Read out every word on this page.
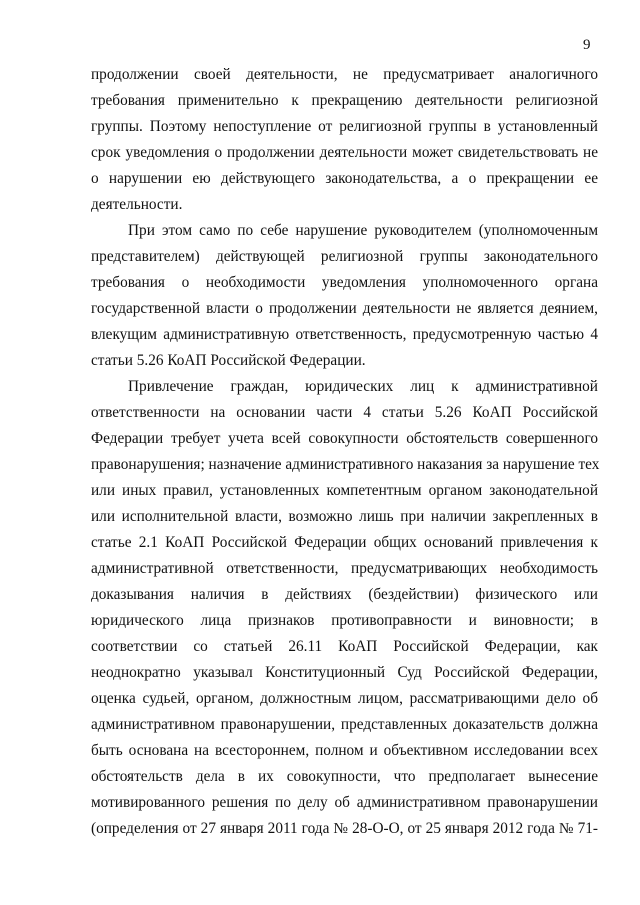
9
продолжении своей деятельности, не предусматривает аналогичного
требования применительно к прекращению деятельности религиозной
группы. Поэтому непоступление от религиозной группы в установленный
срок уведомления о продолжении деятельности может свидетельствовать не
о нарушении ею действующего законодательства, а о прекращении ее
деятельности.
При этом само по себе нарушение руководителем (уполномоченным
представителем) действующей религиозной группы законодательного
требования о необходимости уведомления уполномоченного органа
государственной власти о продолжении деятельности не является деянием,
влекущим административную ответственность, предусмотренную частью 4
статьи 5.26 КоАП Российской Федерации.
Привлечение граждан, юридических лиц к административной
ответственности на основании части 4 статьи 5.26 КоАП Российской
Федерации требует учета всей совокупности обстоятельств совершенного
правонарушения; назначение административного наказания за нарушение тех
или иных правил, установленных компетентным органом законодательной
или исполнительной власти, возможно лишь при наличии закрепленных в
статье 2.1 КоАП Российской Федерации общих оснований привлечения к
административной ответственности, предусматривающих необходимость
доказывания наличия в действиях (бездействии) физического или
юридического лица признаков противоправности и виновности; в
соответствии со статьей 26.11 КоАП Российской Федерации, как
неоднократно указывал Конституционный Суд Российской Федерации,
оценка судьей, органом, должностным лицом, рассматривающими дело об
административном правонарушении, представленных доказательств должна
быть основана на всестороннем, полном и объективном исследовании всех
обстоятельств дела в их совокупности, что предполагает вынесение
мотивированного решения по делу об административном правонарушении
(определения от 27 января 2011 года № 28-О-О, от 25 января 2012 года № 71-
